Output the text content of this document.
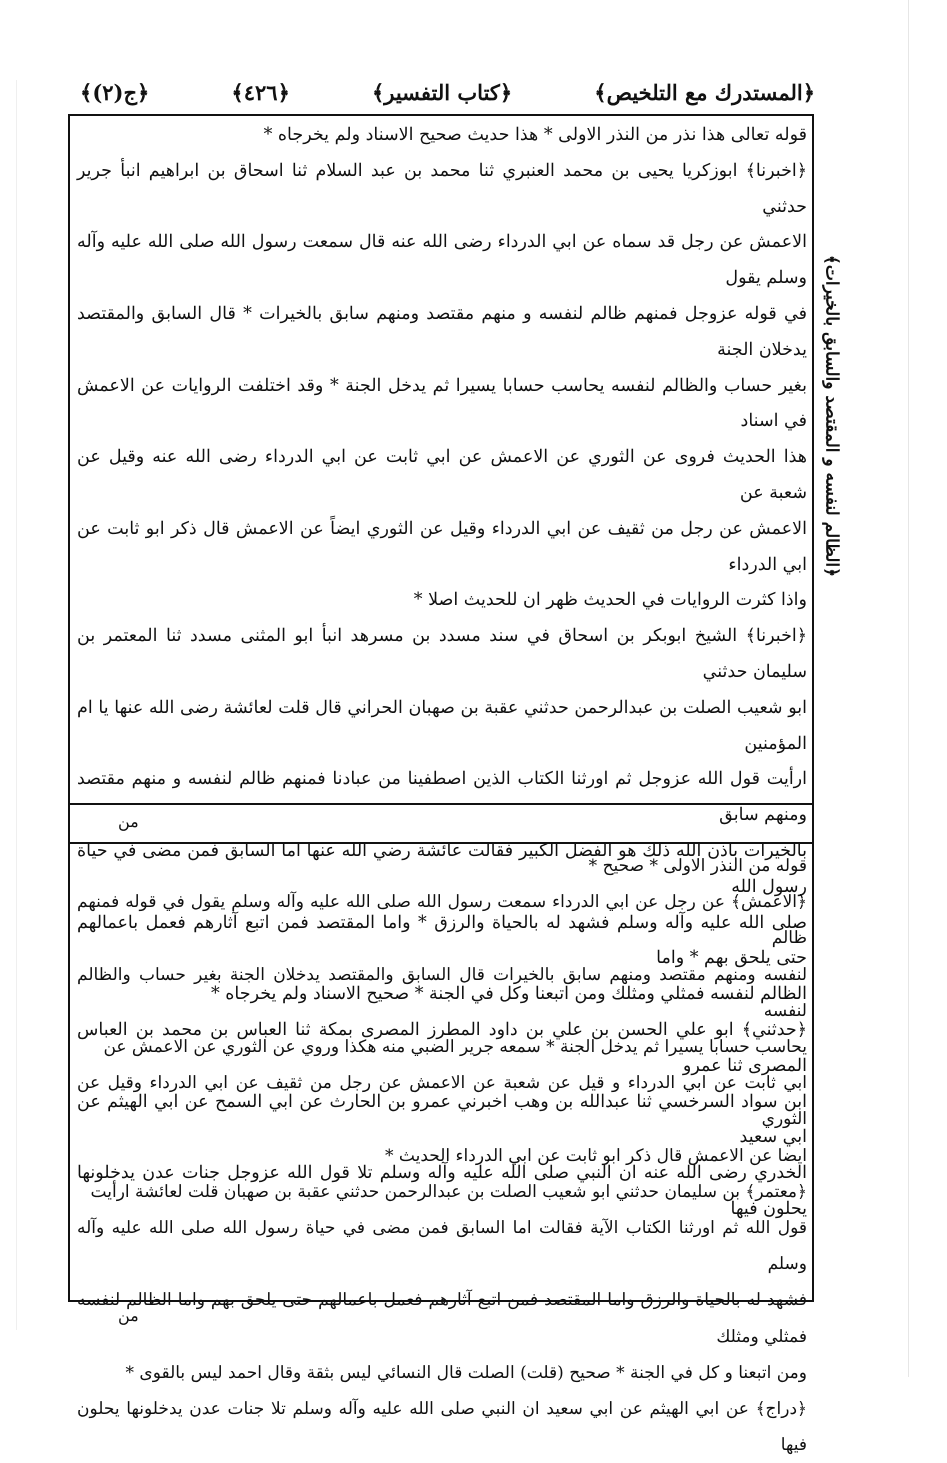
﴿المستدرك مع التلخيص﴾
﴿كتاب التفسير﴾
﴿٤٢٦﴾
﴿ج(٢)﴾
﴿الظالم لنفسه و المقتصد والسابق بالخيرات﴾

قوله تعالى هذا نذر من النذر الاولى * هذا حديث صحيح الاسناد ولم يخرجاه *

﴿اخبرنا﴾ ابوزكريا يحيى بن محمد العنبري ثنا محمد بن عبد السلام ثنا اسحاق بن ابراهيم انبأ جرير حدثني

الاعمش عن رجل قد سماه عن ابي الدرداء رضى الله عنه قال سمعت رسول الله صلى الله عليه وآله وسلم يقول

في قوله عزوجل فمنهم ظالم لنفسه و منهم مقتصد ومنهم سابق بالخيرات * قال السابق والمقتصد يدخلان الجنة

بغير حساب والظالم لنفسه يحاسب حسابا يسيرا ثم يدخل الجنة * وقد اختلفت الروايات عن الاعمش في اسناد

هذا الحديث فروى عن الثوري عن الاعمش عن ابي ثابت عن ابي الدرداء رضى الله عنه وقيل عن شعبة عن

الاعمش عن رجل من ثقيف عن ابي الدرداء وقيل عن الثوري ايضاً عن الاعمش قال ذكر ابو ثابت عن ابي الدرداء

واذا كثرت الروايات في الحديث ظهر ان للحديث اصلا *

﴿اخبرنا﴾ الشيخ ابوبكر بن اسحاق في سند مسدد بن مسرهد انبأ ابو المثنى مسدد ثنا المعتمر بن سليمان حدثني

ابو شعيب الصلت بن عبدالرحمن حدثني عقبة بن صهبان الحراني قال قلت لعائشة رضى الله عنها يا ام المؤمنين

ارأيت قول الله عزوجل ثم اورثنا الكتاب الذين اصطفينا من عبادنا فمنهم ظالم لنفسه و منهم مقتصد ومنهم سابق

بالخيرات باذن الله ذلك هو الفضل الكبير فقالت عائشة رضي الله عنها اما السابق فمن مضى في حياة رسول الله

صلى الله عليه وآله وسلم فشهد له بالحياة والرزق * واما المقتصد فمن اتبع آثارهم فعمل باعمالهم حتى يلحق بهم * واما

الظالم لنفسه فمثلي ومثلك ومن اتبعنا وكل في الجنة * صحيح الاسناد ولم يخرجاه *

﴿حدثني﴾ ابو علي الحسن بن علي بن داود المطرز المصرى بمكة ثنا العباس بن محمد بن العباس المصرى ثنا عمرو

ابن سواد السرخسي ثنا عبدالله بن وهب اخبرني عمرو بن الحارث عن ابي السمح عن ابي الهيثم عن ابي سعيد

الخدري رضى الله عنه ان النبي صلى الله عليه وآله وسلم تلا قول الله عزوجل جنات عدن يدخلونها يحلون فيها

من

قوله من النذر الاولى * صحيح *

﴿الاعمش﴾ عن رجل عن ابي الدرداء سمعت رسول الله صلى الله عليه وآله وسلم يقول في قوله فمنهم ظالم

لنفسه ومنهم مقتصد ومنهم سابق بالخيرات قال السابق والمقتصد يدخلان الجنة بغير حساب والظالم لنفسه

يحاسب حسابا يسيرا ثم يدخل الجنة * سمعه جرير الضبي منه هكذا وروي عن الثوري عن الاعمش عن

ابي ثابت عن ابي الدرداء و قيل عن شعبة عن الاعمش عن رجل من ثقيف عن ابي الدرداء وقيل عن الثوري

ايضا عن الاعمش قال ذكر ابو ثابت عن ابي الدرداء الحديث *

﴿معتمر﴾ بن سليمان حدثني ابو شعيب الصلت بن عبدالرحمن حدثني عقبة بن صهبان قلت لعائشة ارأيت

قول الله ثم اورثنا الكتاب الآية فقالت اما السابق فمن مضى في حياة رسول الله صلى الله عليه وآله وسلم

فشهد له بالحياة والرزق واما المقتصد فمن اتبع آثارهم فعمل باعمالهم حتى يلحق بهم واما الظالم لنفسه فمثلي ومثلك

ومن اتبعنا و كل في الجنة * صحيح (قلت) الصلت قال النسائي ليس بثقة وقال احمد ليس بالقوى *

﴿دراج﴾ عن ابي الهيثم عن ابي سعيد ان النبي صلى الله عليه وآله وسلم تلا جنات عدن يدخلونها يحلون فيها

من
